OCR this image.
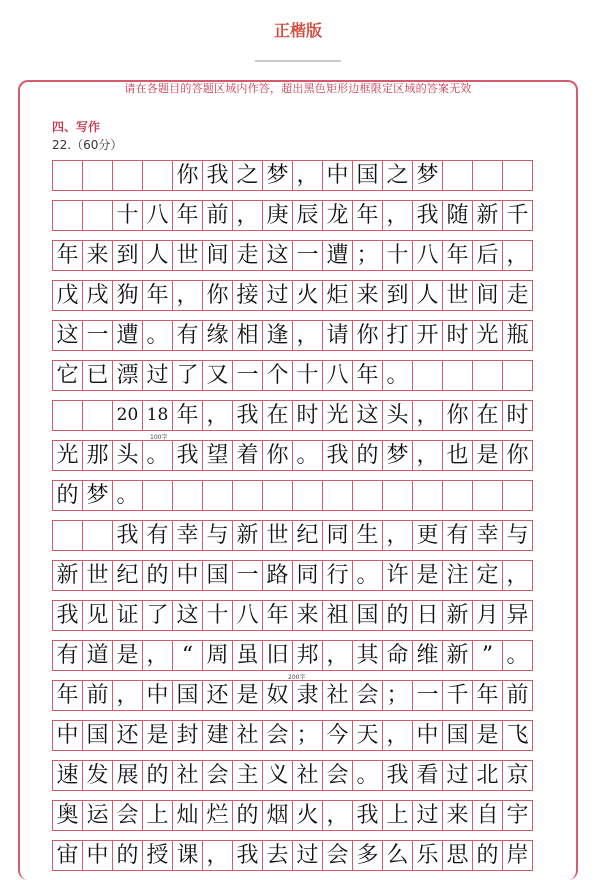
正楷版
请在各题目的答题区域内作答，超出黑色矩形边框限定区域的答案无效
四、写作
22.（60分）
你 我 之 梦 ， 中 国 之 梦
十 八 年 前 ， 庚 辰 龙 年 ， 我 随 新 千
年 来 到 人 世 间 走 这 一 遭 ； 十 八 年 后 ，
戊 戌 狗 年 ， 你 接 过 火 炬 来 到 人 世 间 走
这 一 遭 。 有 缘 相 逢 ， 请 你 打 开 时 光 瓶
它 已 漂 过 了 又 一 个 十 八 年 。
20 18 年 ， 我 在 时 光 这 头 ， 你 在 时
光 那 头 。 我 望 着 你 。 我 的 梦 ， 也 是 你
的 梦 。
我 有 幸 与 新 世 纪 同 生 ， 更 有 幸 与
新 世 纪 的 中 国 一 路 同 行 。 许 是 注 定 ，
我 见 证 了 这 十 八 年 来 祖 国 的 日 新 月 异
有 道 是 ， “ 周 虽 旧 邦 ， 其 命 维 新 ” 。
年 前 ， 中 国 还 是 奴 隶 社 会 ； 一 千 年 前
中 国 还 是 封 建 社 会 ； 今 天 ， 中 国 是 飞
速 发 展 的 社 会 主 义 社 会 。 我 看 过 北 京
奥 运 会 上 灿 烂 的 烟 火 ， 我 上 过 来 自 宇
宙 中 的 授 课 ， 我 去 过 会 多 么 乐 思 的 岸
100字
200字
